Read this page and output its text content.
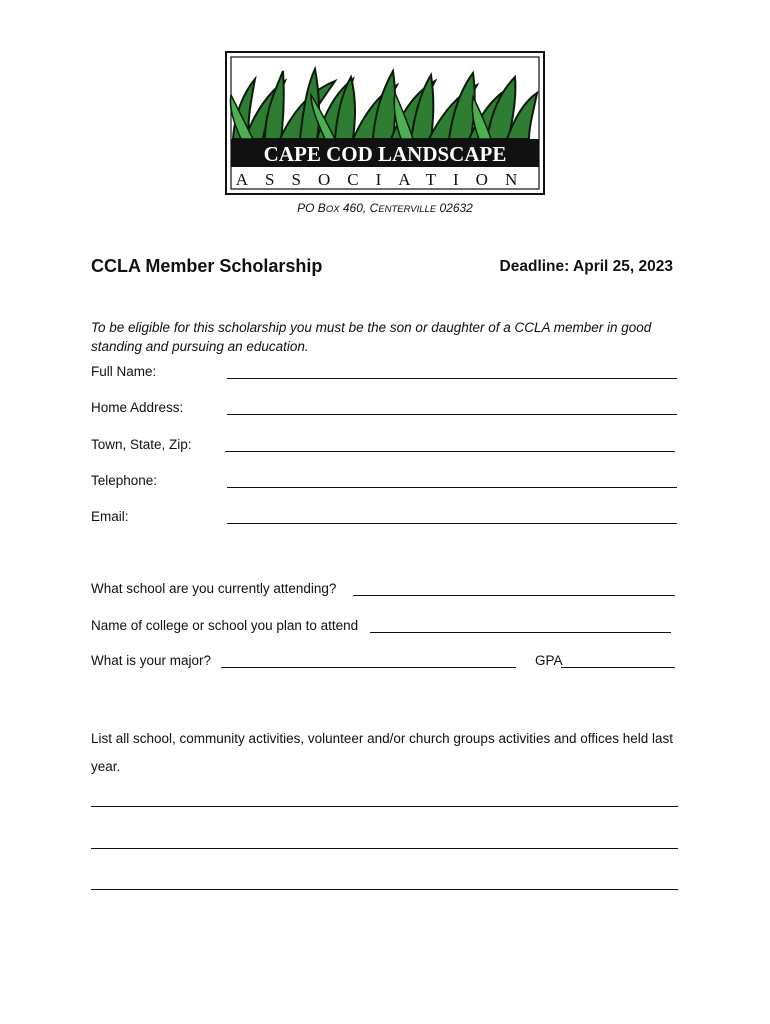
CAPE COD LANDSCAPE
ASSOCIATION
PO BOX 460, CENTERVILLE 02632
CCLA Member Scholarship	Deadline: April 25, 2023
To be eligible for this scholarship you must be the son or daughter of a CCLA member in good standing and pursuing an education.
Full Name:
Home Address:
Town, State, Zip:
Telephone:
Email:
What school are you currently attending?
Name of college or school you plan to attend
What is your major?	GPA
List all school, community activities, volunteer and/or church groups activities and offices held last year.
